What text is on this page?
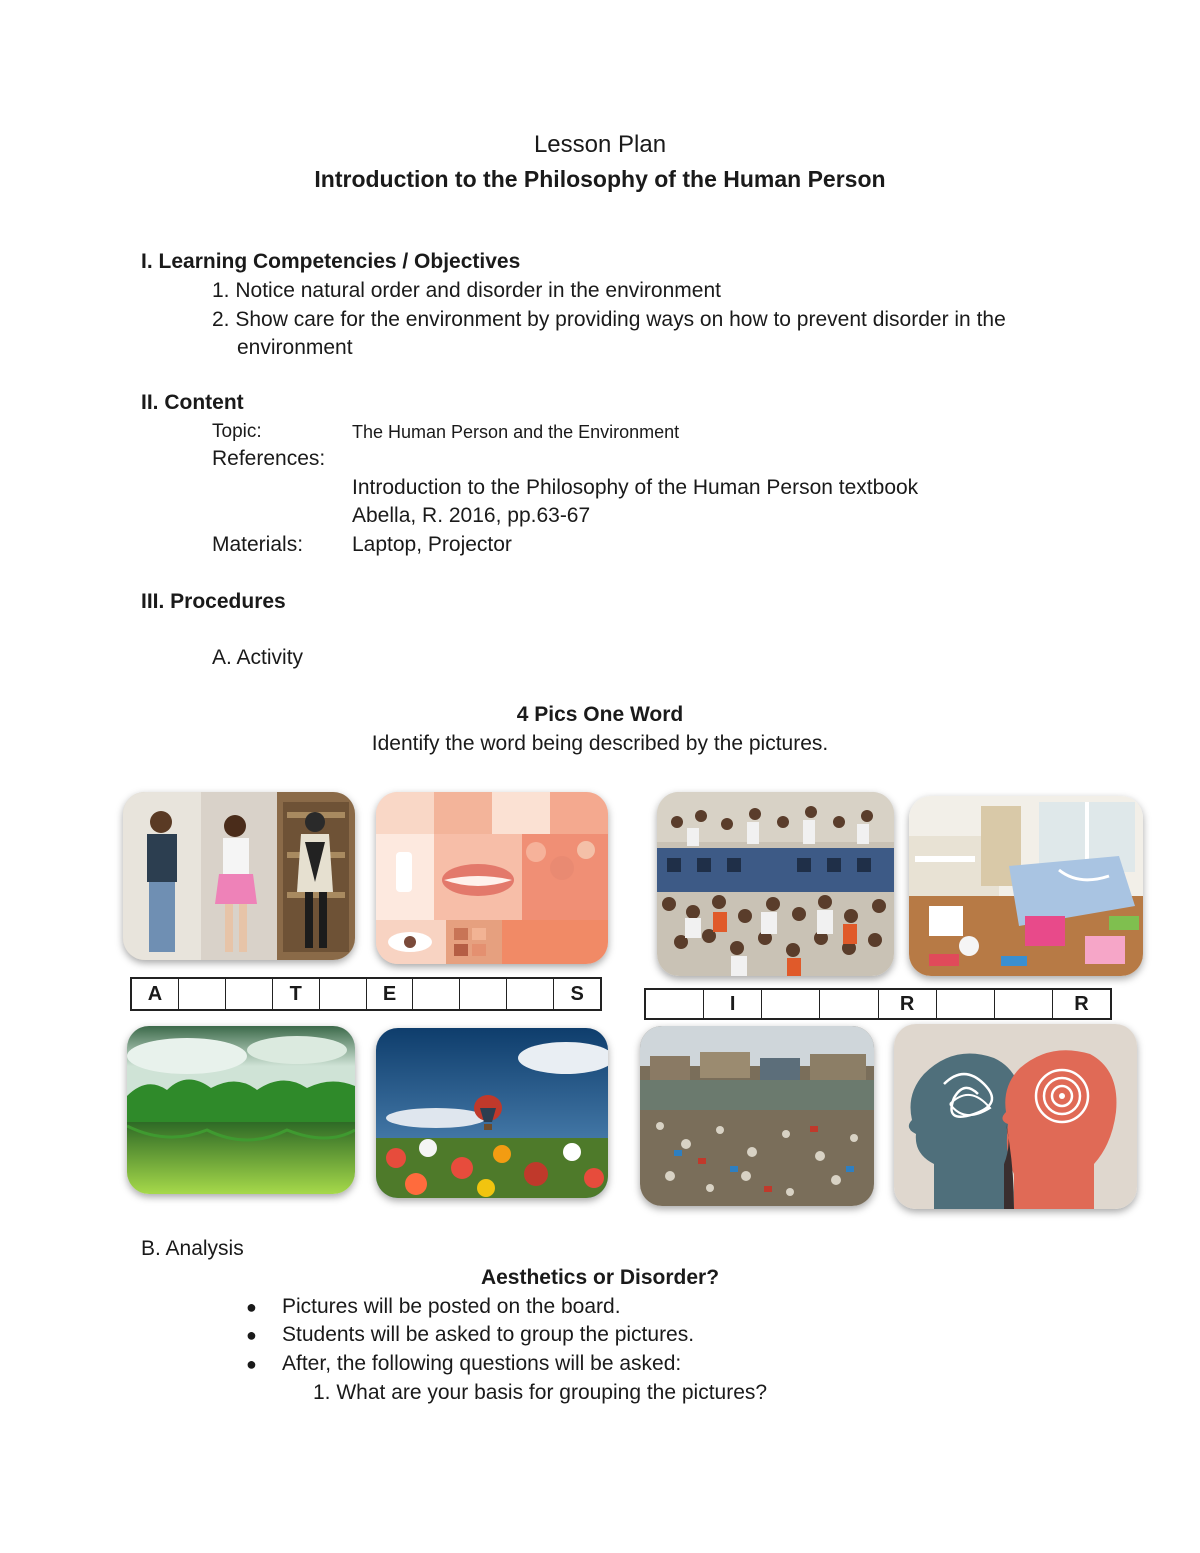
Lesson Plan
Introduction to the Philosophy of the Human Person
I. Learning Competencies / Objectives
1. Notice natural order and disorder in the environment
2. Show care for the environment by providing ways on how to prevent disorder in the
environment
II. Content
Topic:	The Human Person and the Environment
References:
Introduction to the Philosophy of the Human Person textbook
Abella, R. 2016, pp.63-67
Materials: Laptop, Projector
III. Procedures
A. Activity
4 Pics One Word
Identify the word being described by the pictures.
A	T	E	S	I	R	R
B. Analysis
Aesthetics or Disorder?
● Pictures will be posted on the board.
● Students will be asked to group the pictures.
● After, the following questions will be asked:
1. What are your basis for grouping the pictures?
